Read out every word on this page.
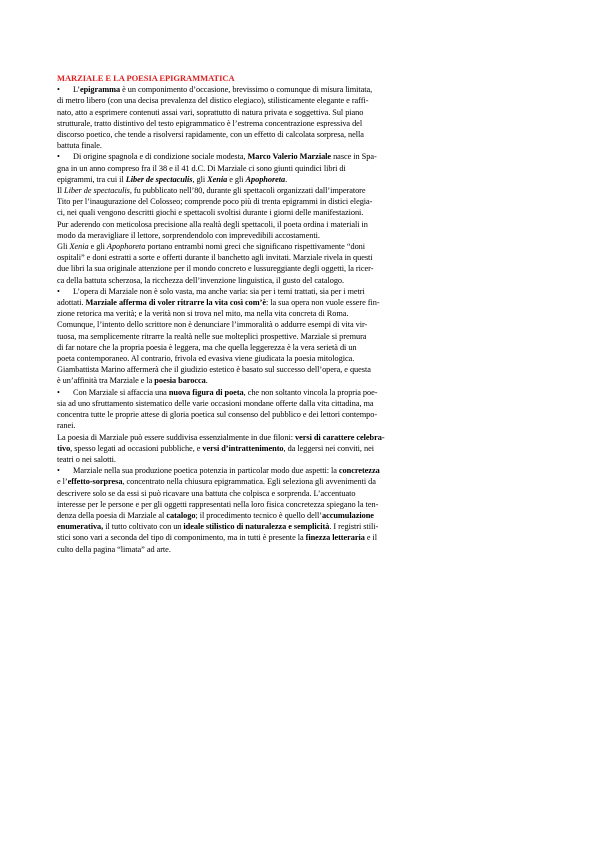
MARZIALE E LA POESIA EPIGRAMMATICA
• L’epigramma è un componimento d’occasione, brevissimo o comunque di misura limitata,
di metro libero (con una decisa prevalenza del distico elegiaco), stilisticamente elegante e raffi-
nato, atto a esprimere contenuti assai vari, soprattutto di natura privata e soggettiva. Sul piano
strutturale, tratto distintivo del testo epigrammatico è l’estrema concentrazione espressiva del
discorso poetico, che tende a risolversi rapidamente, con un effetto di calcolata sorpresa, nella
battuta finale.
• Di origine spagnola e di condizione sociale modesta, Marco Valerio Marziale nasce in Spa-
gna in un anno compreso fra il 38 e il 41 d.C. Di Marziale ci sono giunti quindici libri di
epigrammi, tra cui il Liber de spectaculis, gli Xenia e gli Apophoreta.
Il Liber de spectaculis, fu pubblicato nell’80, durante gli spettacoli organizzati dall’imperatore
Tito per l’inaugurazione del Colosseo; comprende poco più di trenta epigrammi in distici elegia-
ci, nei quali vengono descritti giochi e spettacoli svoltisi durante i giorni delle manifestazioni.
Pur aderendo con meticolosa precisione alla realtà degli spettacoli, il poeta ordina i materiali in
modo da meravigliare il lettore, sorprendendolo con imprevedibili accostamenti.
Gli Xenia e gli Apophoreta portano entrambi nomi greci che significano rispettivamente “doni
ospitali” e doni estratti a sorte e offerti durante il banchetto agli invitati. Marziale rivela in questi
due libri la sua originale attenzione per il mondo concreto e lussureggiante degli oggetti, la ricer-
ca della battuta scherzosa, la ricchezza dell’invenzione linguistica, il gusto del catalogo.
• L’opera di Marziale non è solo vasta, ma anche varia: sia per i temi trattati, sia per i metri
adottati. Marziale afferma di voler ritrarre la vita così com’è: la sua opera non vuole essere fin-
zione retorica ma verità; e la verità non si trova nel mito, ma nella vita concreta di Roma.
Comunque, l’intento dello scrittore non è denunciare l’immoralità o addurre esempi di vita vir-
tuosa, ma semplicemente ritrarre la realtà nelle sue molteplici prospettive. Marziale si premura
di far notare che la propria poesia è leggera, ma che quella leggerezza è la vera serietà di un
poeta contemporaneo. Al contrario, frivola ed evasiva viene giudicata la poesia mitologica.
Giambattista Marino affermerà che il giudizio estetico è basato sul successo dell’opera, e questa
è un’affinità tra Marziale e la poesia barocca.
• Con Marziale si affaccia una nuova figura di poeta, che non soltanto vincola la propria poe-
sia ad uno sfruttamento sistematico delle varie occasioni mondane offerte dalla vita cittadina, ma
concentra tutte le proprie attese di gloria poetica sul consenso del pubblico e dei lettori contempo-
ranei.
La poesia di Marziale può essere suddivisa essenzialmente in due filoni: versi di carattere celebra-
tivo, spesso legati ad occasioni pubbliche, e versi d’intrattenimento, da leggersi nei conviti, nei
teatri o nei salotti.
• Marziale nella sua produzione poetica potenzia in particolar modo due aspetti: la concretezza
e l’effetto-sorpresa, concentrato nella chiusura epigrammatica. Egli seleziona gli avvenimenti da
descrivere solo se da essi si può ricavare una battuta che colpisca e sorprenda. L’accentuato
interesse per le persone e per gli oggetti rappresentati nella loro fisica concretezza spiegano la ten-
denza della poesia di Marziale al catalogo; il procedimento tecnico è quello dell’accumulazione
enumerativa, il tutto coltivato con un ideale stilistico di naturalezza e semplicità. I registri stili-
stici sono vari a seconda del tipo di componimento, ma in tutti è presente la finezza letteraria e il
culto della pagina “limata” ad arte.
